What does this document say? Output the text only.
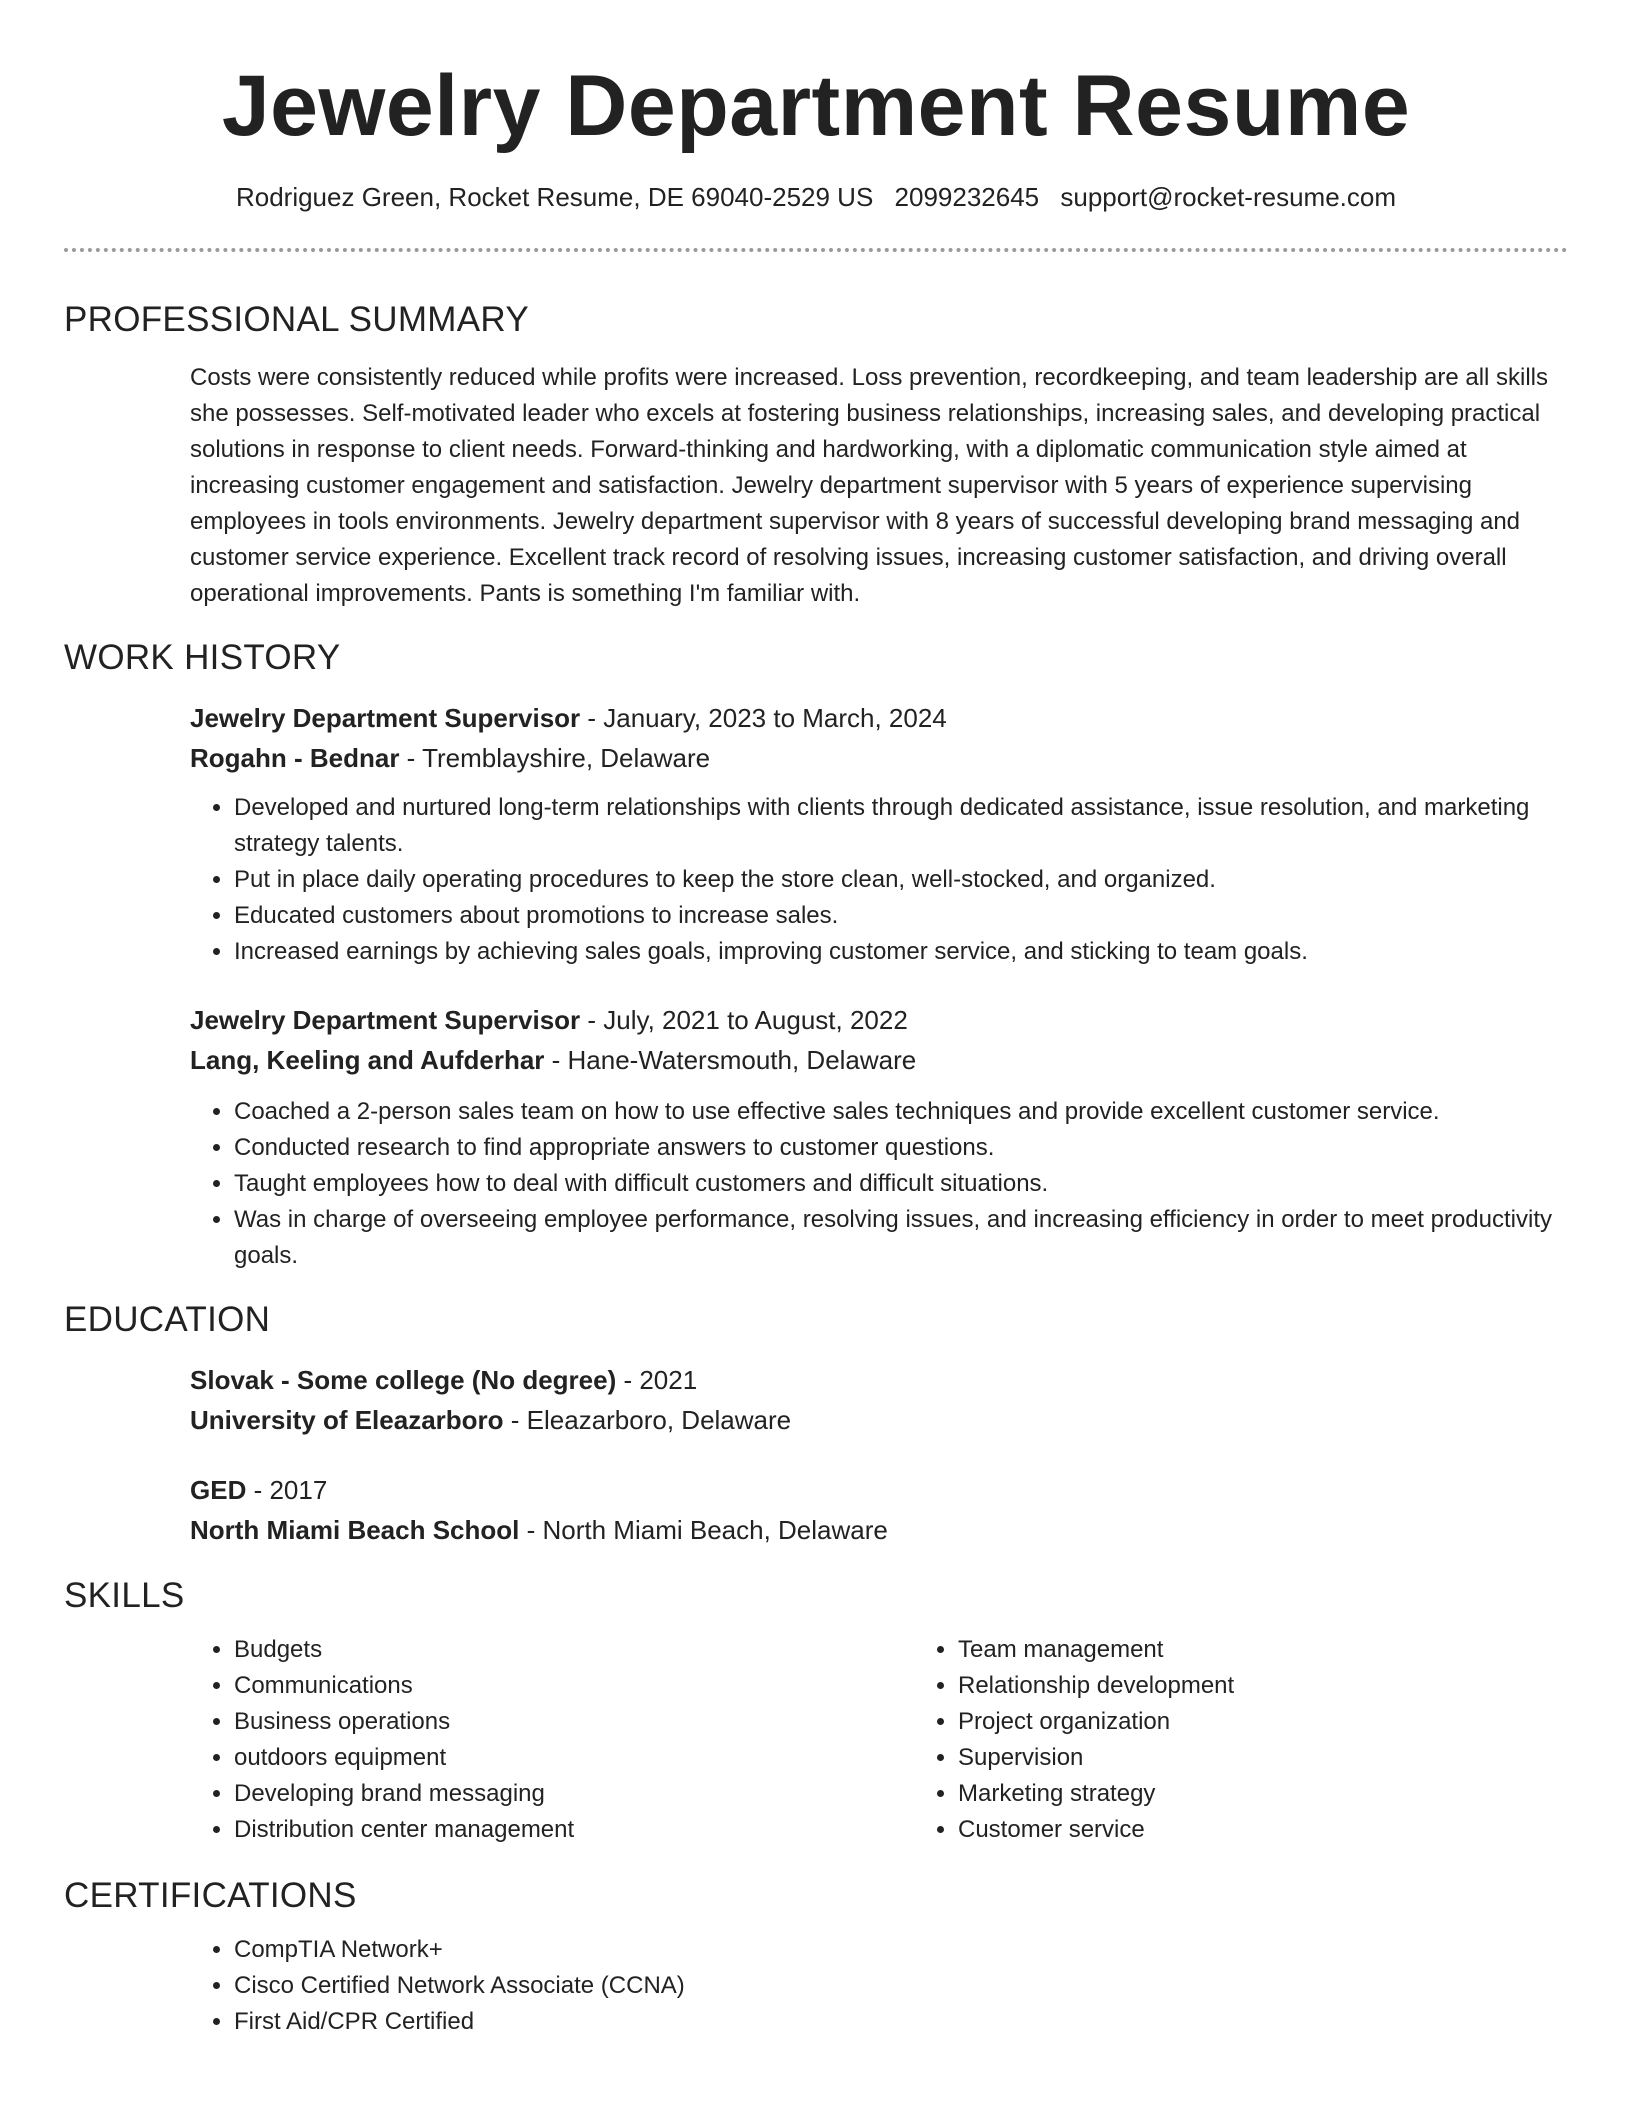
Jewelry Department Resume
Rodriguez Green, Rocket Resume, DE 69040-2529 US 2099232645 support@rocket-resume.com
PROFESSIONAL SUMMARY

Costs were consistently reduced while profits were increased. Loss prevention, recordkeeping, and team leadership are all skills she possesses. Self-motivated leader who excels at fostering business relationships, increasing sales, and developing practical solutions in response to client needs. Forward-thinking and hardworking, with a diplomatic communication style aimed at increasing customer engagement and satisfaction. Jewelry department supervisor with 5 years of experience supervising employees in tools environments. Jewelry department supervisor with 8 years of successful developing brand messaging and customer service experience. Excellent track record of resolving issues, increasing customer satisfaction, and driving overall operational improvements. Pants is something I'm familiar with.

WORK HISTORY
Jewelry Department Supervisor - January, 2023 to March, 2024
Rogahn - Bednar - Tremblayshire, Delaware
• Developed and nurtured long-term relationships with clients through dedicated assistance, issue resolution, and marketing strategy talents.
• Put in place daily operating procedures to keep the store clean, well-stocked, and organized.
• Educated customers about promotions to increase sales.
• Increased earnings by achieving sales goals, improving customer service, and sticking to team goals.
Jewelry Department Supervisor - July, 2021 to August, 2022
Lang, Keeling and Aufderhar - Hane-Watersmouth, Delaware
• Coached a 2-person sales team on how to use effective sales techniques and provide excellent customer service.
• Conducted research to find appropriate answers to customer questions.
• Taught employees how to deal with difficult customers and difficult situations.
• Was in charge of overseeing employee performance, resolving issues, and increasing efficiency in order to meet productivity goals.
EDUCATION
Slovak - Some college (No degree) - 2021
University of Eleazarboro - Eleazarboro, Delaware
GED - 2017
North Miami Beach School - North Miami Beach, Delaware
SKILLS
• Budgets
• Communications
• Business operations
• outdoors equipment
• Developing brand messaging
• Distribution center management
• Team management
• Relationship development
• Project organization
• Supervision
• Marketing strategy
• Customer service
CERTIFICATIONS
• CompTIA Network+
• Cisco Certified Network Associate (CCNA)
• First Aid/CPR Certified
